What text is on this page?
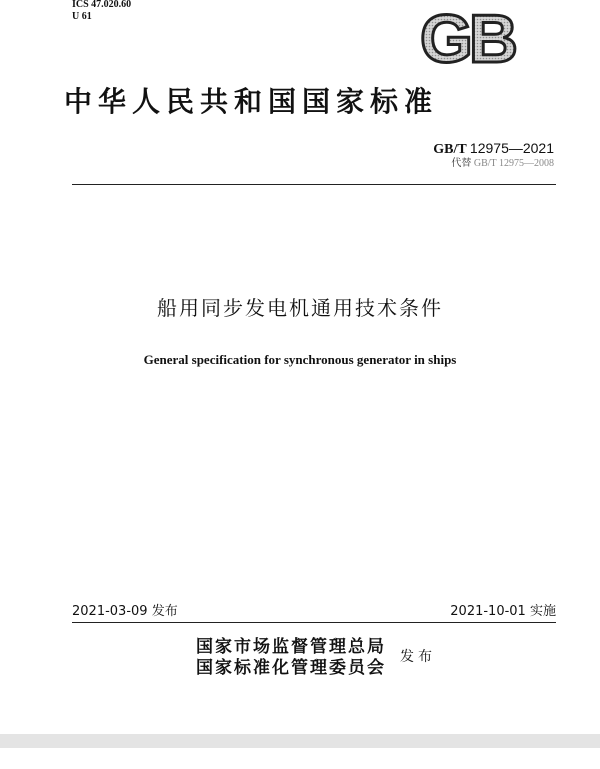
ICS 47.020.60
U 61	GB
中华人民共和国国家标准
GB/T 12975—2021
代替 GB/T 12975—2008
船用同步发电机通用技术条件
General specification for synchronous generator in ships
2021-03-09 发布	2021-10-01 实施
国家市场监督管理总局
国家标准化管理委员会
发布
